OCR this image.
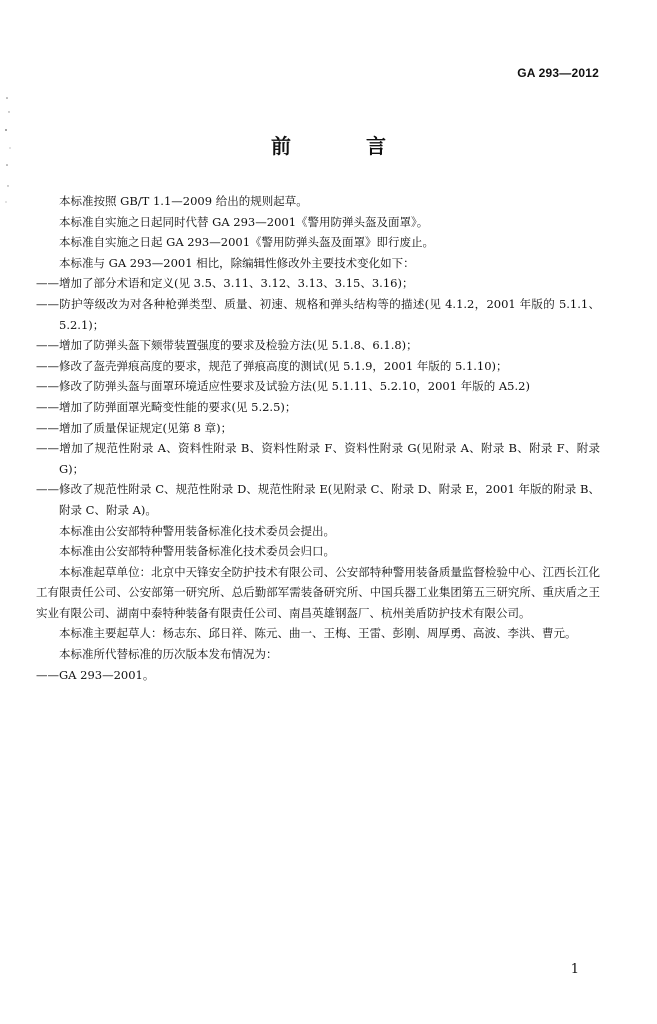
GA 293—2012
前 言

本标准按照 GB/T 1.1—2009 给出的规则起草。

本标准自实施之日起同时代替 GA 293—2001《警用防弹头盔及面罩》。

本标准自实施之日起 GA 293—2001《警用防弹头盔及面罩》即行废止。

本标准与 GA 293—2001 相比，除编辑性修改外主要技术变化如下：

——增加了部分术语和定义(见 3.5、3.11、3.12、3.13、3.15、3.16)；

——防护等级改为对各种枪弹类型、质量、初速、规格和弹头结构等的描述(见 4.1.2，2001 年版的 5.1.1、5.2.1)；

——增加了防弹头盔下颏带装置强度的要求及检验方法(见 5.1.8、6.1.8)；

——修改了盔壳弹痕高度的要求，规范了弹痕高度的测试(见 5.1.9，2001 年版的 5.1.10)；

——修改了防弹头盔与面罩环境适应性要求及试验方法(见 5.1.11、5.2.10，2001 年版的 A5.2)

——增加了防弹面罩光畸变性能的要求(见 5.2.5)；

——增加了质量保证规定(见第 8 章)；

——增加了规范性附录 A、资料性附录 B、资料性附录 F、资料性附录 G(见附录 A、附录 B、附录 F、附录 G)；

——修改了规范性附录 C、规范性附录 D、规范性附录 E(见附录 C、附录 D、附录 E，2001 年版的附录 B、附录 C、附录 A)。

本标准由公安部特种警用装备标准化技术委员会提出。

本标准由公安部特种警用装备标准化技术委员会归口。

本标准起草单位：北京中天锋安全防护技术有限公司、公安部特种警用装备质量监督检验中心、江西长江化工有限责任公司、公安部第一研究所、总后勤部军需装备研究所、中国兵器工业集团第五三研究所、重庆盾之王实业有限公司、湖南中泰特种装备有限责任公司、南昌英雄钢盔厂、杭州美盾防护技术有限公司。

本标准主要起草人：杨志东、邱日祥、陈元、曲一、王梅、王雷、彭刚、周厚勇、高波、李洪、曹元。

本标准所代替标准的历次版本发布情况为：

——GA 293—2001。

1
